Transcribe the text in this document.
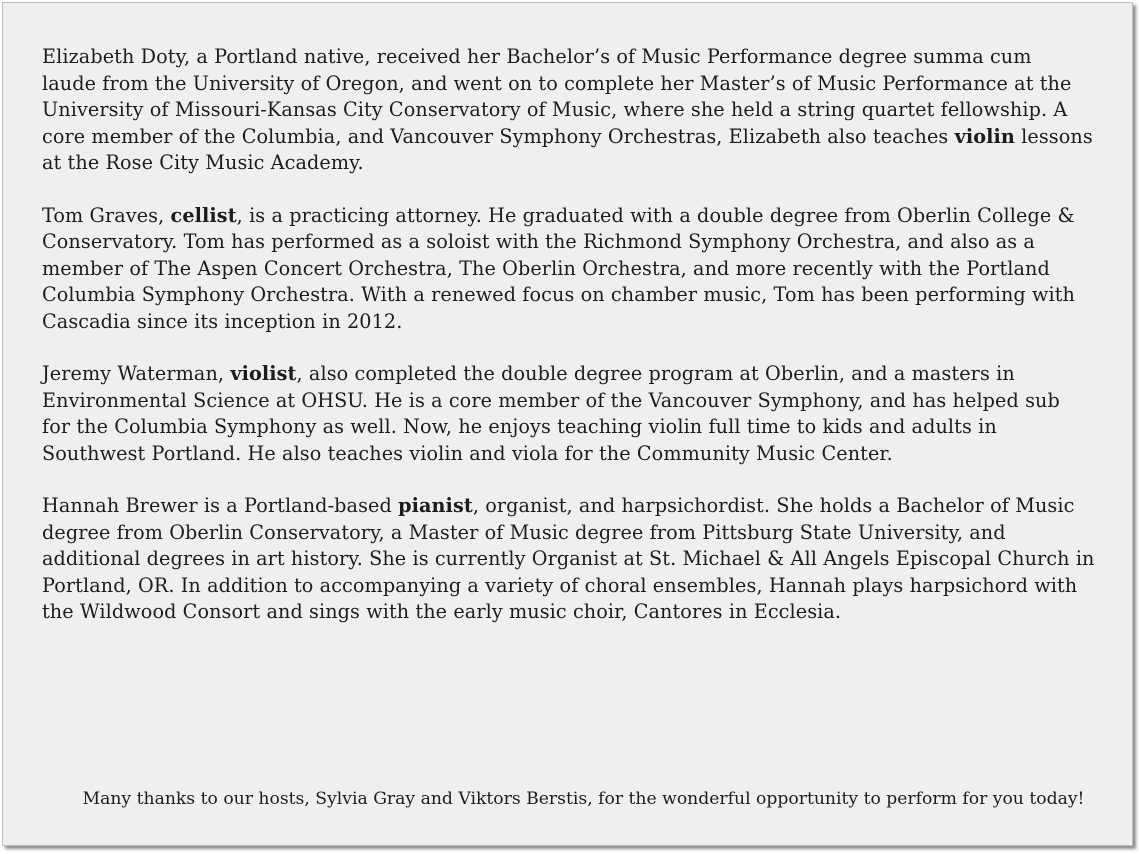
Elizabeth Doty, a Portland native, received her Bachelor’s of Music Performance degree summa cum
laude from the University of Oregon, and went on to complete her Master’s of Music Performance at the
University of Missouri-Kansas City Conservatory of Music, where she held a string quartet fellowship. A
core member of the Columbia, and Vancouver Symphony Orchestras, Elizabeth also teaches violin lessons
at the Rose City Music Academy.

Tom Graves, cellist, is a practicing attorney. He graduated with a double degree from Oberlin College &
Conservatory. Tom has performed as a soloist with the Richmond Symphony Orchestra, and also as a
member of The Aspen Concert Orchestra, The Oberlin Orchestra, and more recently with the Portland
Columbia Symphony Orchestra. With a renewed focus on chamber music, Tom has been performing with
Cascadia since its inception in 2012.

Jeremy Waterman, violist, also completed the double degree program at Oberlin, and a masters in
Environmental Science at OHSU. He is a core member of the Vancouver Symphony, and has helped sub
for the Columbia Symphony as well. Now, he enjoys teaching violin full time to kids and adults in
Southwest Portland. He also teaches violin and viola for the Community Music Center.

Hannah Brewer is a Portland-based pianist, organist, and harpsichordist. She holds a Bachelor of Music
degree from Oberlin Conservatory, a Master of Music degree from Pittsburg State University, and
additional degrees in art history. She is currently Organist at St. Michael & All Angels Episcopal Church in
Portland, OR. In addition to accompanying a variety of choral ensembles, Hannah plays harpsichord with
the Wildwood Consort and sings with the early music choir, Cantores in Ecclesia.

Many thanks to our hosts, Sylvia Gray and Viktors Berstis, for the wonderful opportunity to perform for you today!
